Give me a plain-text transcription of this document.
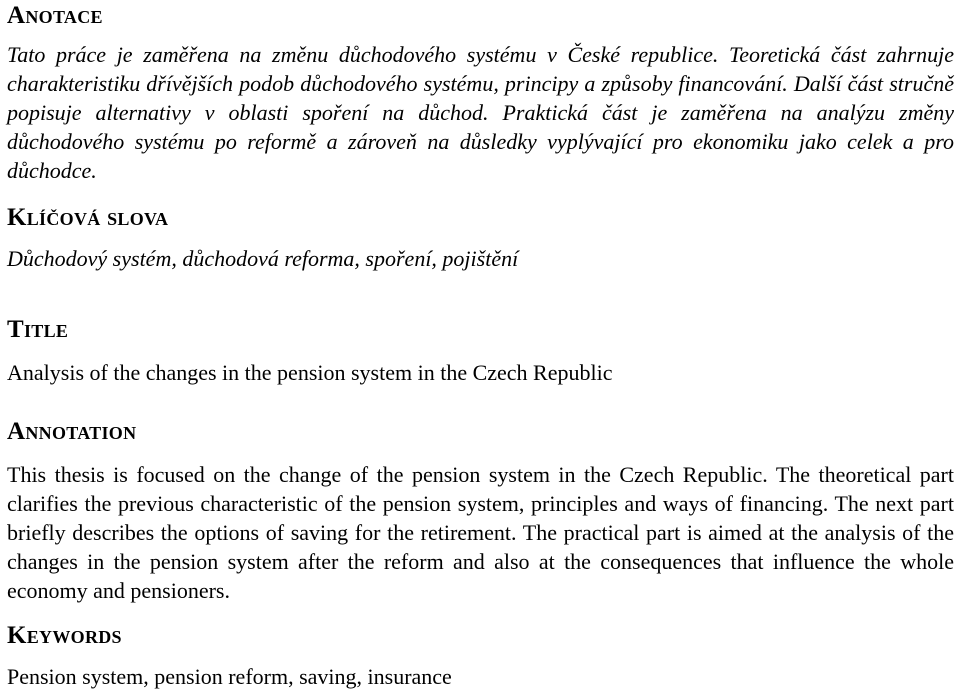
Anotace
Tato práce je zaměřena na změnu důchodového systému v České republice. Teoretická část zahrnuje charakteristiku dřívějších podob důchodového systému, principy a způsoby financování. Další část stručně popisuje alternativy v oblasti spoření na důchod. Praktická část je zaměřena na analýzu změny důchodového systému po reformě a zároveň na důsledky vyplývající pro ekonomiku jako celek a pro důchodce.
Klíčová slova
Důchodový systém, důchodová reforma, spoření, pojištění
Title
Analysis of the changes in the pension system in the Czech Republic
Annotation
This thesis is focused on the change of the pension system in the Czech Republic. The theoretical part clarifies the previous characteristic of the pension system, principles and ways of financing. The next part briefly describes the options of saving for the retirement. The practical part is aimed at the analysis of the changes in the pension system after the reform and also at the consequences that influence the whole economy and pensioners.
Keywords
Pension system, pension reform, saving, insurance
